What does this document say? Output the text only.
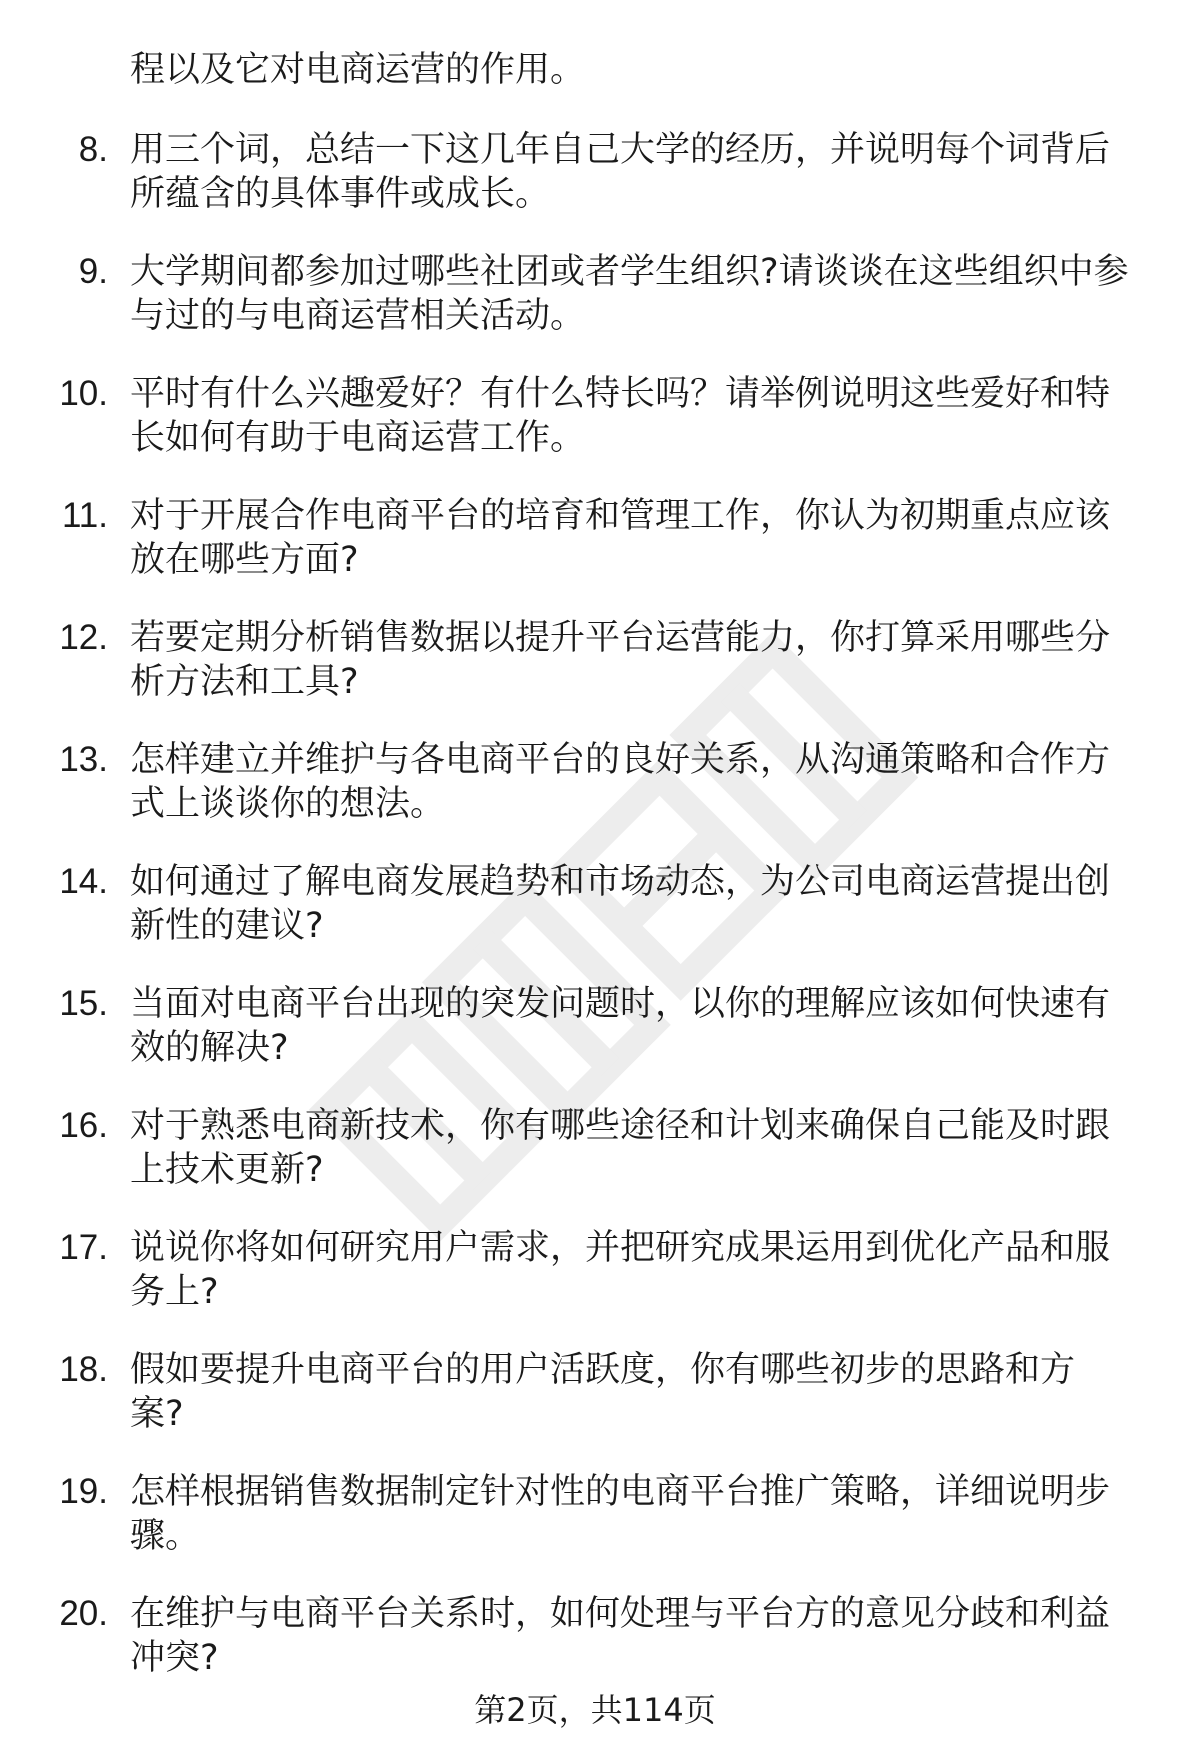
程以及它对电商运营的作用。
8. 用三个词，总结一下这几年自己大学的经历，并说明每个词背后
所蕴含的具体事件或成长。
9. 大学期间都参加过哪些社团或者学生组织?请谈谈在这些组织中参
与过的与电商运营相关活动。
10. 平时有什么兴趣爱好？有什么特长吗？请举例说明这些爱好和特
长如何有助于电商运营工作。
11. 对于开展合作电商平台的培育和管理工作，你认为初期重点应该
放在哪些方面?
12. 若要定期分析销售数据以提升平台运营能力，你打算采用哪些分
析方法和工具?
13. 怎样建立并维护与各电商平台的良好关系，从沟通策略和合作方
式上谈谈你的想法。
14. 如何通过了解电商发展趋势和市场动态，为公司电商运营提出创
新性的建议?
15. 当面对电商平台出现的突发问题时，以你的理解应该如何快速有
效的解决?
16. 对于熟悉电商新技术，你有哪些途径和计划来确保自己能及时跟
上技术更新?
17. 说说你将如何研究用户需求，并把研究成果运用到优化产品和服
务上?
18. 假如要提升电商平台的用户活跃度，你有哪些初步的思路和方
案?
19. 怎样根据销售数据制定针对性的电商平台推广策略，详细说明步
骤。
20. 在维护与电商平台关系时，如何处理与平台方的意见分歧和利益
冲突?
第2页，共114页
